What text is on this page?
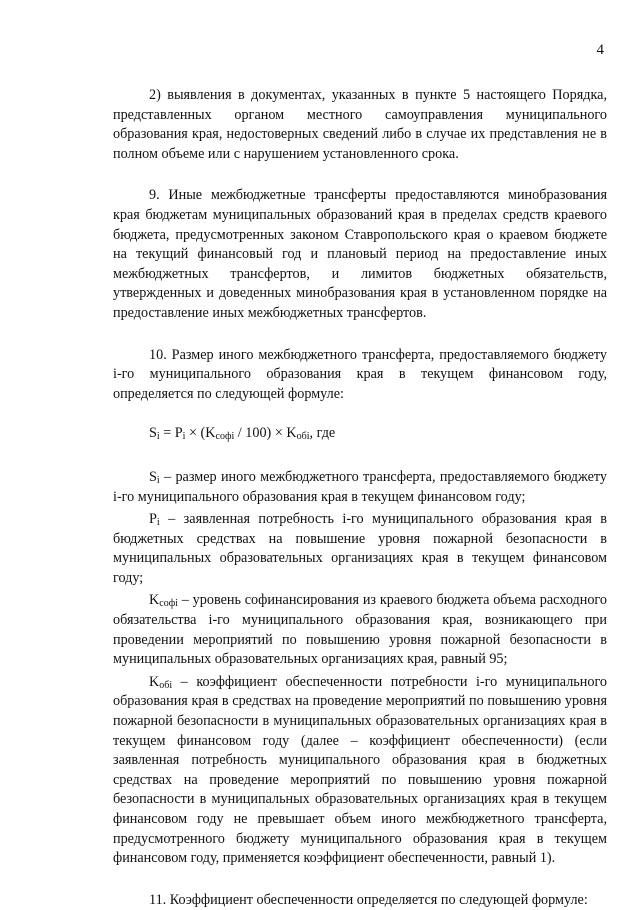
4

2) выявления в документах, указанных в пункте 5 настоящего Порядка, представленных органом местного самоуправления муниципального образования края, недостоверных сведений либо в случае их представления не в полном объеме или с нарушением установленного срока.

9. Иные межбюджетные трансферты предоставляются минобразования края бюджетам муниципальных образований края в пределах средств краевого бюджета, предусмотренных законом Ставропольского края о краевом бюджете на текущий финансовый год и плановый период на предоставление иных межбюджетных трансфертов, и лимитов бюджетных обязательств, утвержденных и доведенных минобразования края в установленном порядке на предоставление иных межбюджетных трансфертов.

10. Размер иного межбюджетного трансферта, предоставляемого бюджету i-го муниципального образования края в текущем финансовом году, определяется по следующей формуле:

$S_i = P_i \times (K_{софi} / 100) \times K_{обi}$, где

$S_i$ – размер иного межбюджетного трансферта, предоставляемого бюджету i-го муниципального образования края в текущем финансовом году;

$P_i$ – заявленная потребность i-го муниципального образования края в бюджетных средствах на повышение уровня пожарной безопасности в муниципальных образовательных организациях края в текущем финансовом году;

$K_{софi}$ – уровень софинансирования из краевого бюджета объема расходного обязательства i-го муниципального образования края, возникающего при проведении мероприятий по повышению уровня пожарной безопасности в муниципальных образовательных организациях края, равный 95;

$K_{обi}$ – коэффициент обеспеченности потребности i-го муниципального образования края в средствах на проведение мероприятий по повышению уровня пожарной безопасности в муниципальных образовательных организациях края в текущем финансовом году (далее – коэффициент обеспеченности) (если заявленная потребность муниципального образования края в бюджетных средствах на проведение мероприятий по повышению уровня пожарной безопасности в муниципальных образовательных организациях края в текущем финансовом году не превышает объем иного межбюджетного трансферта, предусмотренного бюджету муниципального образования края в текущем финансовом году, применяется коэффициент обеспеченности, равный 1).

11. Коэффициент обеспеченности определяется по следующей формуле:
